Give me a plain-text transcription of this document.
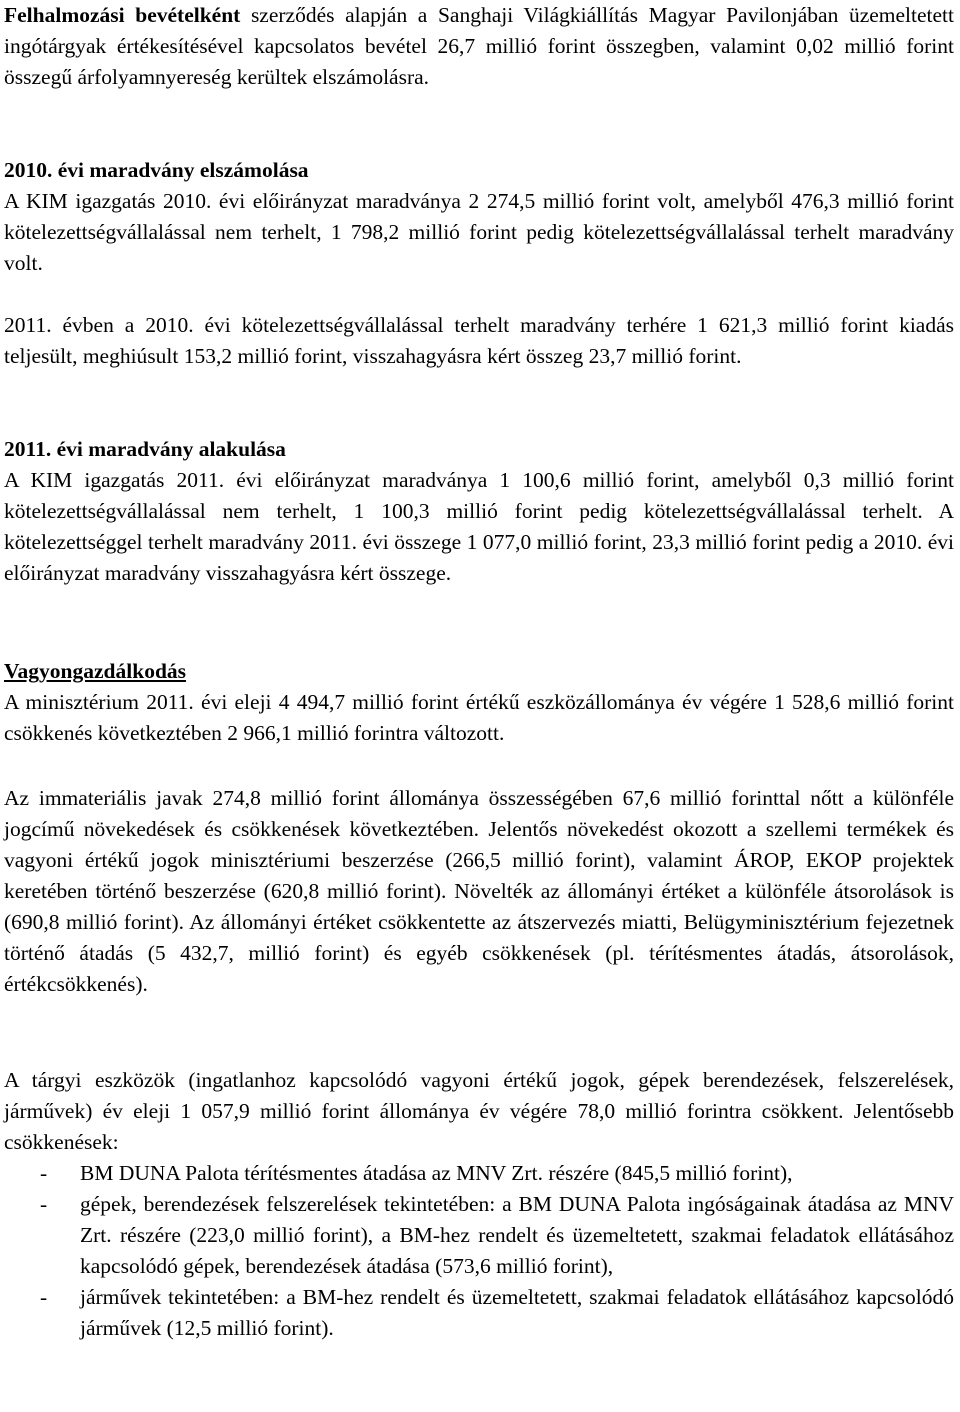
Felhalmozási bevételként szerződés alapján a Sanghaji Világkiállítás Magyar Pavilonjában üzemeltetett ingótárgyak értékesítésével kapcsolatos bevétel 26,7 millió forint összegben, valamint 0,02 millió forint összegű árfolyamnyereség kerültek elszámolásra.

2010. évi maradvány elszámolása

A KIM igazgatás 2010. évi előirányzat maradványa 2 274,5 millió forint volt, amelyből 476,3 millió forint kötelezettségvállalással nem terhelt, 1 798,2 millió forint pedig kötelezettségvállalással terhelt maradvány volt.

2011. évben a 2010. évi kötelezettségvállalással terhelt maradvány terhére 1 621,3 millió forint kiadás teljesült, meghiúsult 153,2 millió forint, visszahagyásra kért összeg 23,7 millió forint.

2011. évi maradvány alakulása

A KIM igazgatás 2011. évi előirányzat maradványa 1 100,6 millió forint, amelyből 0,3 millió forint kötelezettségvállalással nem terhelt, 1 100,3 millió forint pedig kötelezettségvállalással terhelt. A kötelezettséggel terhelt maradvány 2011. évi összege 1 077,0 millió forint, 23,3 millió forint pedig a 2010. évi előirányzat maradvány visszahagyásra kért összege.

Vagyongazdálkodás

A minisztérium 2011. évi eleji 4 494,7 millió forint értékű eszközállománya év végére 1 528,6 millió forint csökkenés következtében 2 966,1 millió forintra változott.

Az immateriális javak 274,8 millió forint állománya összességében 67,6 millió forinttal nőtt a különféle jogcímű növekedések és csökkenések következtében. Jelentős növekedést okozott a szellemi termékek és vagyoni értékű jogok minisztériumi beszerzése (266,5 millió forint), valamint ÁROP, EKOP projektek keretében történő beszerzése (620,8 millió forint). Növelték az állományi értéket a különféle átsorolások is (690,8 millió forint). Az állományi értéket csökkentette az átszervezés miatti, Belügyminisztérium fejezetnek történő átadás (5 432,7, millió forint) és egyéb csökkenések (pl. térítésmentes átadás, átsorolások, értékcsökkenés).

A tárgyi eszközök (ingatlanhoz kapcsolódó vagyoni értékű jogok, gépek berendezések, felszerelések, járművek) év eleji 1 057,9 millió forint állománya év végére 78,0 millió forintra csökkent. Jelentősebb csökkenések:

- BM DUNA Palota térítésmentes átadása az MNV Zrt. részére (845,5 millió forint),
- gépek, berendezések felszerelések tekintetében: a BM DUNA Palota ingóságainak átadása az MNV Zrt. részére (223,0 millió forint), a BM-hez rendelt és üzemeltetett, szakmai feladatok ellátásához kapcsolódó gépek, berendezések átadása (573,6 millió forint),
- járművek tekintetében: a BM-hez rendelt és üzemeltetett, szakmai feladatok ellátásához kapcsolódó járművek (12,5 millió forint).
